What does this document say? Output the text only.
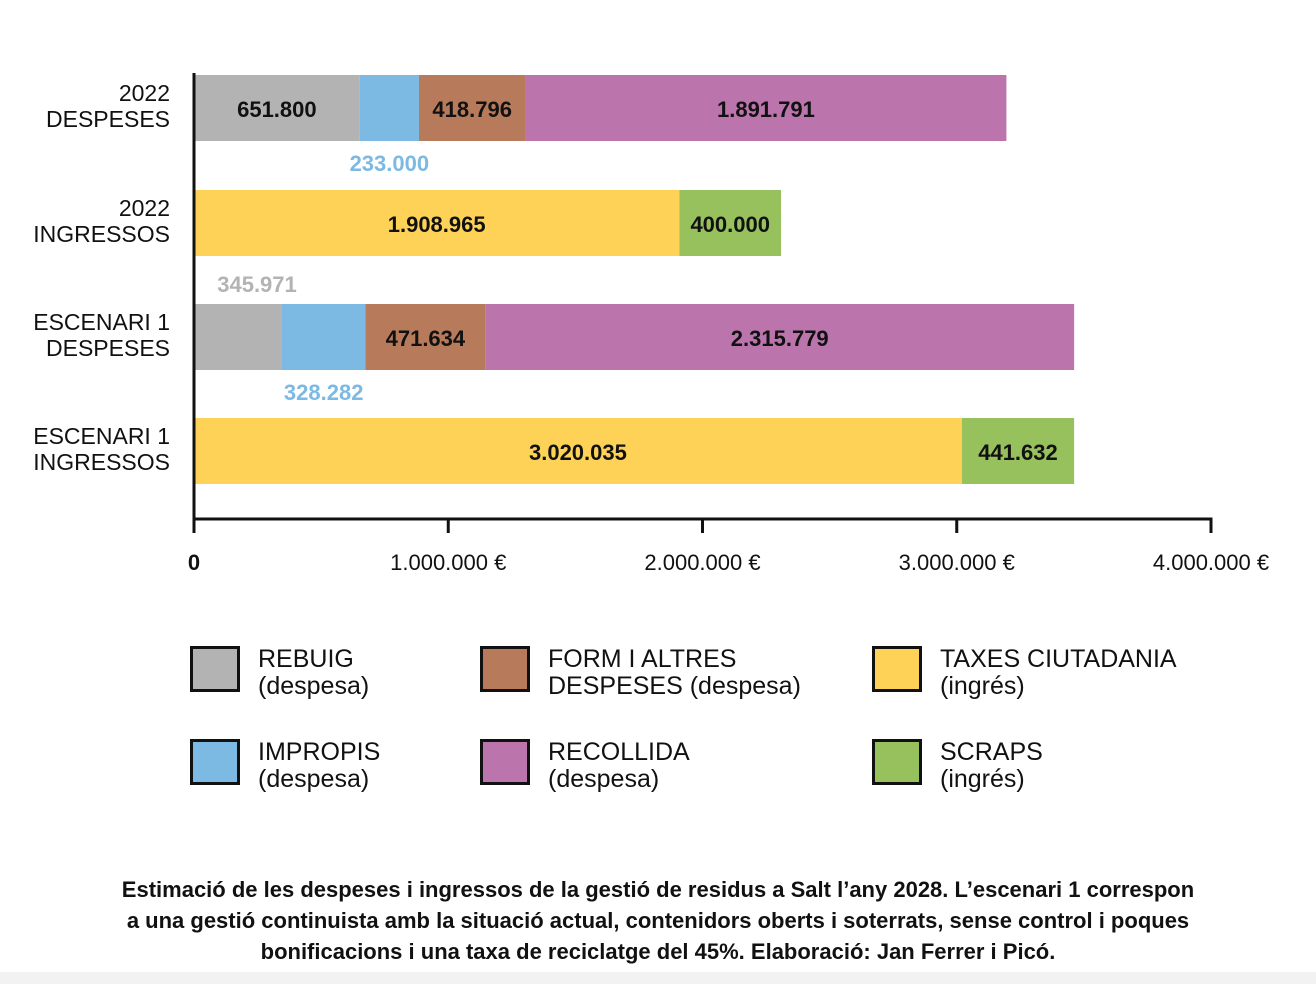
651.800
233.000
418.796	1.891.791
1.908.965	400.000
345.971
328.282
471.634	2.315.779
3.020.035	441.632
2022
DESPESES
2022
INGRESSOS
ESCENARI 1
DESPESES
ESCENARI 1
INGRESSOS
0	1.000.000 €	2.000.000 €	3.000.000 €	4.000.000 €
REBUIG
(despesa)
FORM I ALTRES
DESPESES (despesa)
TAXES CIUTADANIA
(ingrés)
IMPROPIS
(despesa)
RECOLLIDA
(despesa)
SCRAPS
(ingrés)
Estimació de les despeses i ingressos de la gestió de residus a Salt l’any 2028. L’escenari 1 correspon
a una gestió continuista amb la situació actual, contenidors oberts i soterrats, sense control i poques
bonificacions i una taxa de reciclatge del 45%. Elaboració: Jan Ferrer i Picó.
